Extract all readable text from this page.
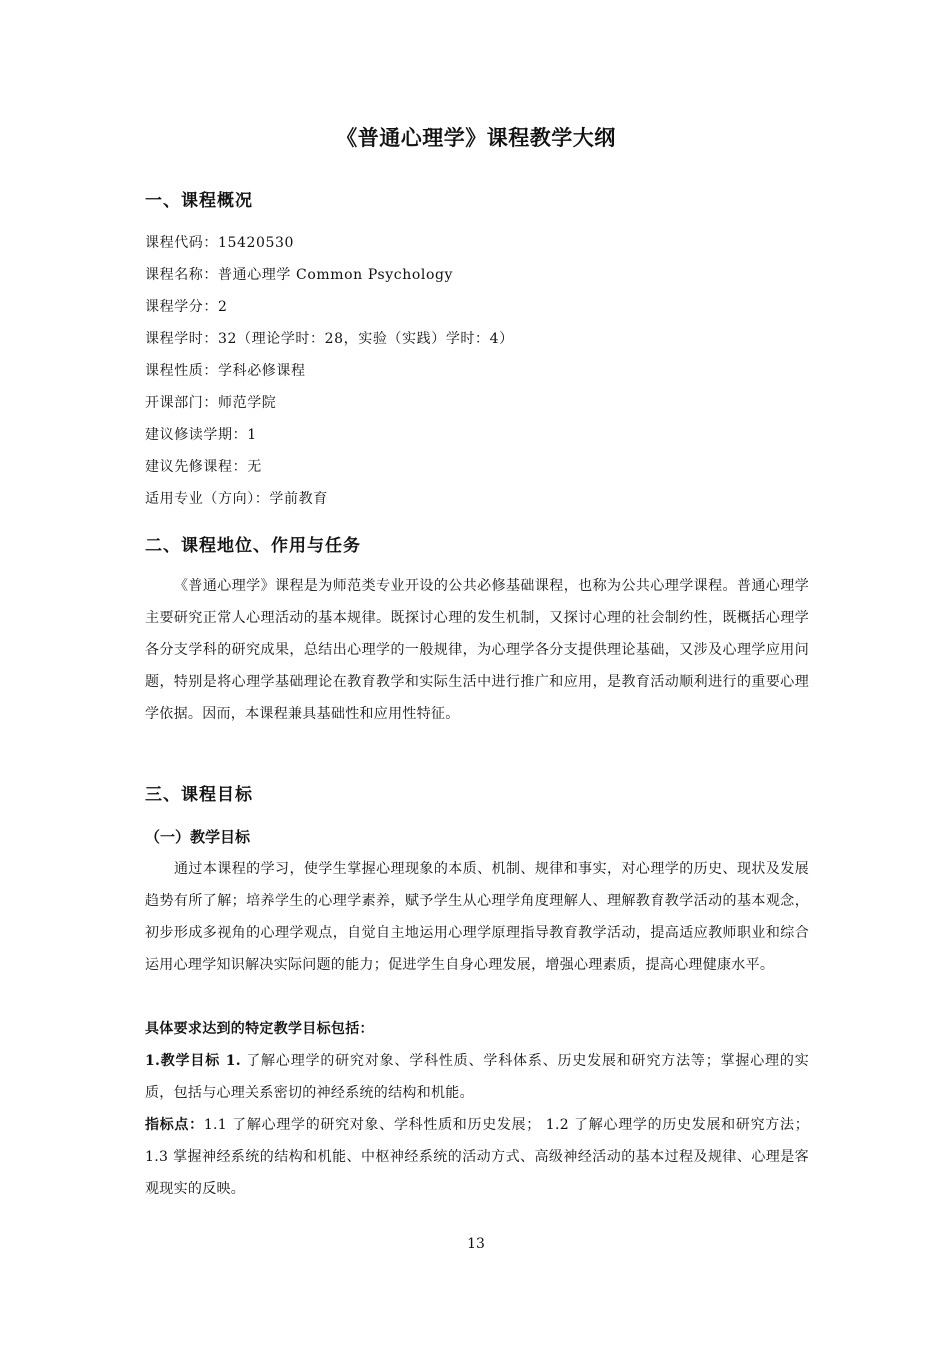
《普通心理学》课程教学大纲
一、课程概况
课程代码：15420530
课程名称：普通心理学 Common Psychology
课程学分：2
课程学时：32（理论学时：28，实验（实践）学时：4）
课程性质：学科必修课程
开课部门：师范学院
建议修读学期：1
建议先修课程：无
适用专业（方向）：学前教育
二、课程地位、作用与任务

《普通心理学》课程是为师范类专业开设的公共必修基础课程，也称为公共心理学课程。普通心理学主要研究正常人心理活动的基本规律。既探讨心理的发生机制，又探讨心理的社会制约性，既概括心理学各分支学科的研究成果，总结出心理学的一般规律，为心理学各分支提供理论基础，又涉及心理学应用问题，特别是将心理学基础理论在教育教学和实际生活中进行推广和应用，是教育活动顺利进行的重要心理学依据。因而，本课程兼具基础性和应用性特征。

三、课程目标
（一）教学目标

通过本课程的学习，使学生掌握心理现象的本质、机制、规律和事实，对心理学的历史、现状及发展趋势有所了解；培养学生的心理学素养，赋予学生从心理学角度理解人、理解教育教学活动的基本观念，初步形成多视角的心理学观点，自觉自主地运用心理学原理指导教育教学活动，提高适应教师职业和综合运用心理学知识解决实际问题的能力；促进学生自身心理发展，增强心理素质，提高心理健康水平。

具体要求达到的特定教学目标包括：

1.教学目标 1. 了解心理学的研究对象、学科性质、学科体系、历史发展和研究方法等；掌握心理的实质，包括与心理关系密切的神经系统的结构和机能。

指标点：1.1 了解心理学的研究对象、学科性质和历史发展； 1.2 了解心理学的历史发展和研究方法；1.3 掌握神经系统的结构和机能、中枢神经系统的活动方式、高级神经活动的基本过程及规律、心理是客观现实的反映。

13
